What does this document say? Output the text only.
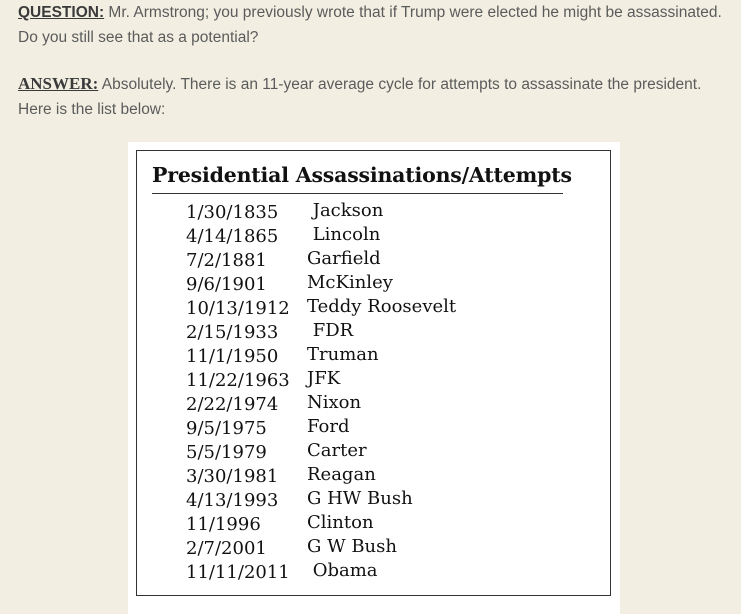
QUESTION: Mr. Armstrong; you previously wrote that if Trump were elected he might be assassinated. Do you still see that as a potential?

ANSWER: Absolutely. There is an 11-year average cycle for attempts to assassinate the president. Here is the list below:

Presidential Assassinations/Attempts
1/30/1835 Jackson
4/14/1865 Lincoln
7/2/1881 Garfield
9/6/1901 McKinley
10/13/1912 Teddy Roosevelt
2/15/1933 FDR
11/1/1950 Truman
11/22/1963 JFK
2/22/1974 Nixon
9/5/1975 Ford
5/5/1979 Carter
3/30/1981 Reagan
4/13/1993 G HW Bush
11/1996	Clinton
2/7/2001 G W Bush
11/11/2011 Obama
